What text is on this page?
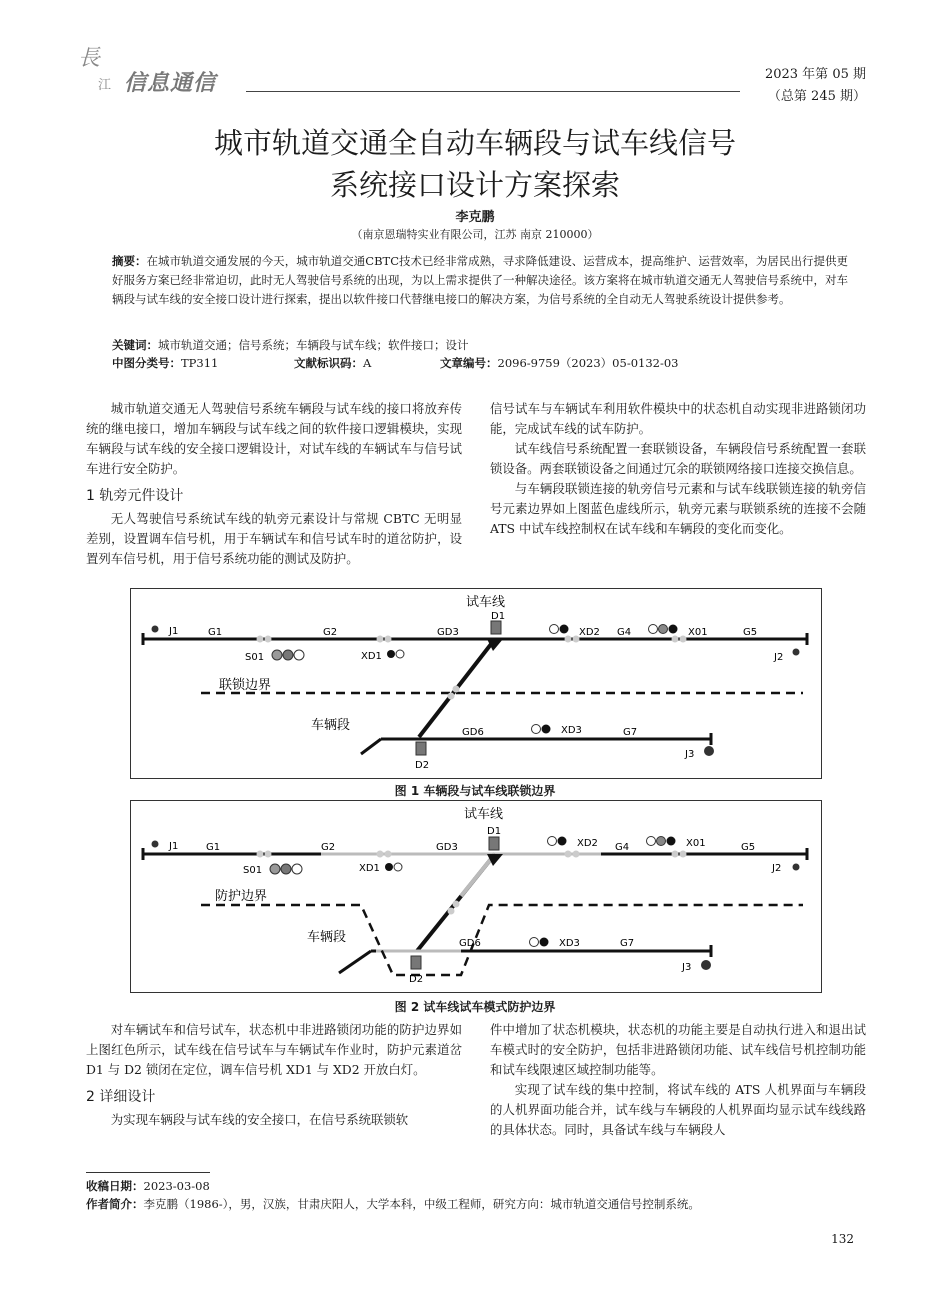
長
江 信息通信	2023 年第 05 期
（总第 245 期）
城市轨道交通全自动车辆段与试车线信号
系统接口设计方案探索
李克鹏
（南京恩瑞特实业有限公司，江苏 南京 210000）
摘要：在城市轨道交通发展的今天，城市轨道交通CBTC技术已经非常成熟，寻求降低建设、运营成本，提高维护、运营效率，为居民出行提供更好服务方案已经非常迫切，此时无人驾驶信号系统的出现，为以上需求提供了一种解决途径。该方案将在城市轨道交通无人驾驶信号系统中，对车辆段与试车线的安全接口设计进行探索，提出以软件接口代替继电接口的解决方案，为信号系统的全自动无人驾驶系统设计提供参考。
关键词：城市轨道交通；信号系统；车辆段与试车线；软件接口；设计
中图分类号：TP311	文献标识码：A	文章编号：2096-9759（2023）05-0132-03

城市轨道交通无人驾驶信号系统车辆段与试车线的接口将放弃传统的继电接口，增加车辆段与试车线之间的软件接口逻辑模块，实现车辆段与试车线的安全接口逻辑设计，对试车线的车辆试车与信号试车进行安全防护。

1 轨旁元件设计

无人驾驶信号系统试车线的轨旁元素设计与常规 CBTC 无明显差别，设置调车信号机，用于车辆试车和信号试车时的道岔防护，设置列车信号机，用于信号系统功能的测试及防护。

信号试车与车辆试车利用软件模块中的状态机自动实现非进路锁闭功能，完成试车线的试车防护。

试车线信号系统配置一套联锁设备，车辆段信号系统配置一套联锁设备。两套联锁设备之间通过冗余的联锁网络接口连接交换信息。

与车辆段联锁连接的轨旁信号元素和与试车线联锁连接的轨旁信号元素边界如上图蓝色虚线所示，轨旁元素与联锁系统的连接不会随 ATS 中试车线控制权在试车线和车辆段的变化而变化。

试车线
J1	G1	G2	GD3
D1
XD2 G4	X01	G5
J2
S01	XD1
联锁边界
车辆段	GD6	XD3	G7
J3
D2
图 1 车辆段与试车线联锁边界
试车线
J1	G1	G2	GD3
D1
XD2 G4	X01	G5
J2
S01	XD1
防护边界
车辆段	GD6	XD3	G7
J3
D2
图 2 试车线试车模式防护边界

对车辆试车和信号试车，状态机中非进路锁闭功能的防护边界如上图红色所示，试车线在信号试车与车辆试车作业时，防护元素道岔 D1 与 D2 锁闭在定位，调车信号机 XD1 与 XD2 开放白灯。

2 详细设计

为实现车辆段与试车线的安全接口，在信号系统联锁软

件中增加了状态机模块，状态机的功能主要是自动执行进入和退出试车模式时的安全防护，包括非进路锁闭功能、试车线信号机控制功能和试车线限速区域控制功能等。

实现了试车线的集中控制，将试车线的 ATS 人机界面与车辆段的人机界面功能合并，试车线与车辆段的人机界面均显示试车线线路的具体状态。同时，具备试车线与车辆段人

收稿日期：2023-03-08
作者简介：李克鹏（1986-），男，汉族，甘肃庆阳人，大学本科，中级工程师，研究方向：城市轨道交通信号控制系统。
132
